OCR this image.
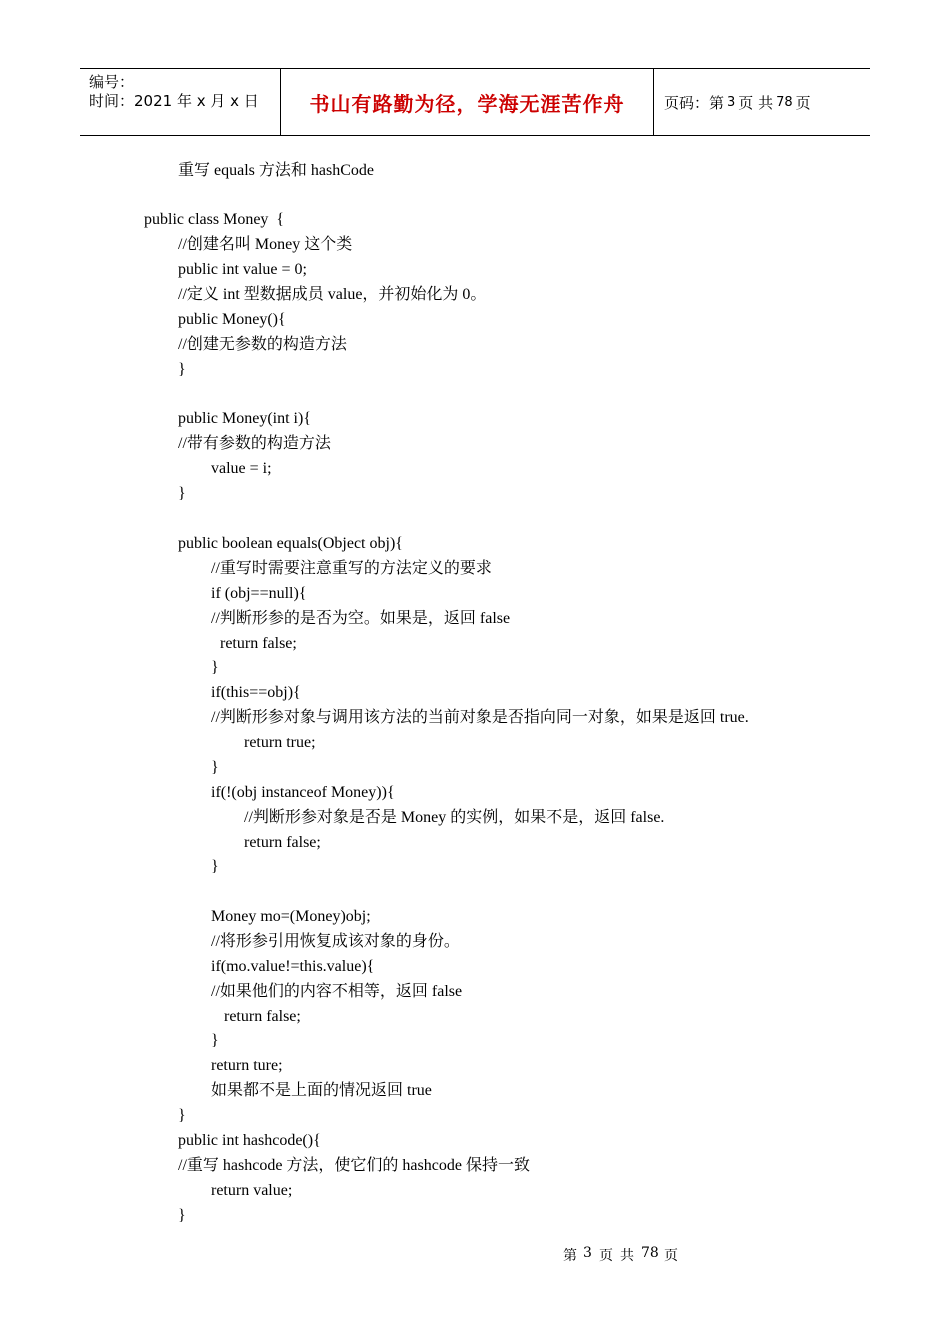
编号：
时间：2021 年 x 月 x 日	书山有路勤为径，学海无涯苦作舟	页码：第 3 页 共 78 页
重写 equals 方法和 hashCode
public class Money  {
//创建名叫 Money 这个类
public int value = 0;
//定义 int 型数据成员 value，并初始化为 0。
public Money(){
//创建无参数的构造方法
}
public Money(int i){
//带有参数的构造方法
value = i;
}
public boolean equals(Object obj){
//重写时需要注意重写的方法定义的要求
if (obj==null){
//判断形参的是否为空。如果是，返回 false
return false;
}
if(this==obj){
//判断形参对象与调用该方法的当前对象是否指向同一对象，如果是返回 true.
return true;
}
if(!(obj instanceof Money)){
//判断形参对象是否是 Money 的实例，如果不是，返回 false.
return false;
}
Money mo=(Money)obj;
//将形参引用恢复成该对象的身份。
if(mo.value!=this.value){
//如果他们的内容不相等，返回 false
return false;
}
return ture;
如果都不是上面的情况返回 true
}
public int hashcode(){
//重写 hashcode 方法，使它们的 hashcode 保持一致
return value;
}
第 3 页 共 78 页
